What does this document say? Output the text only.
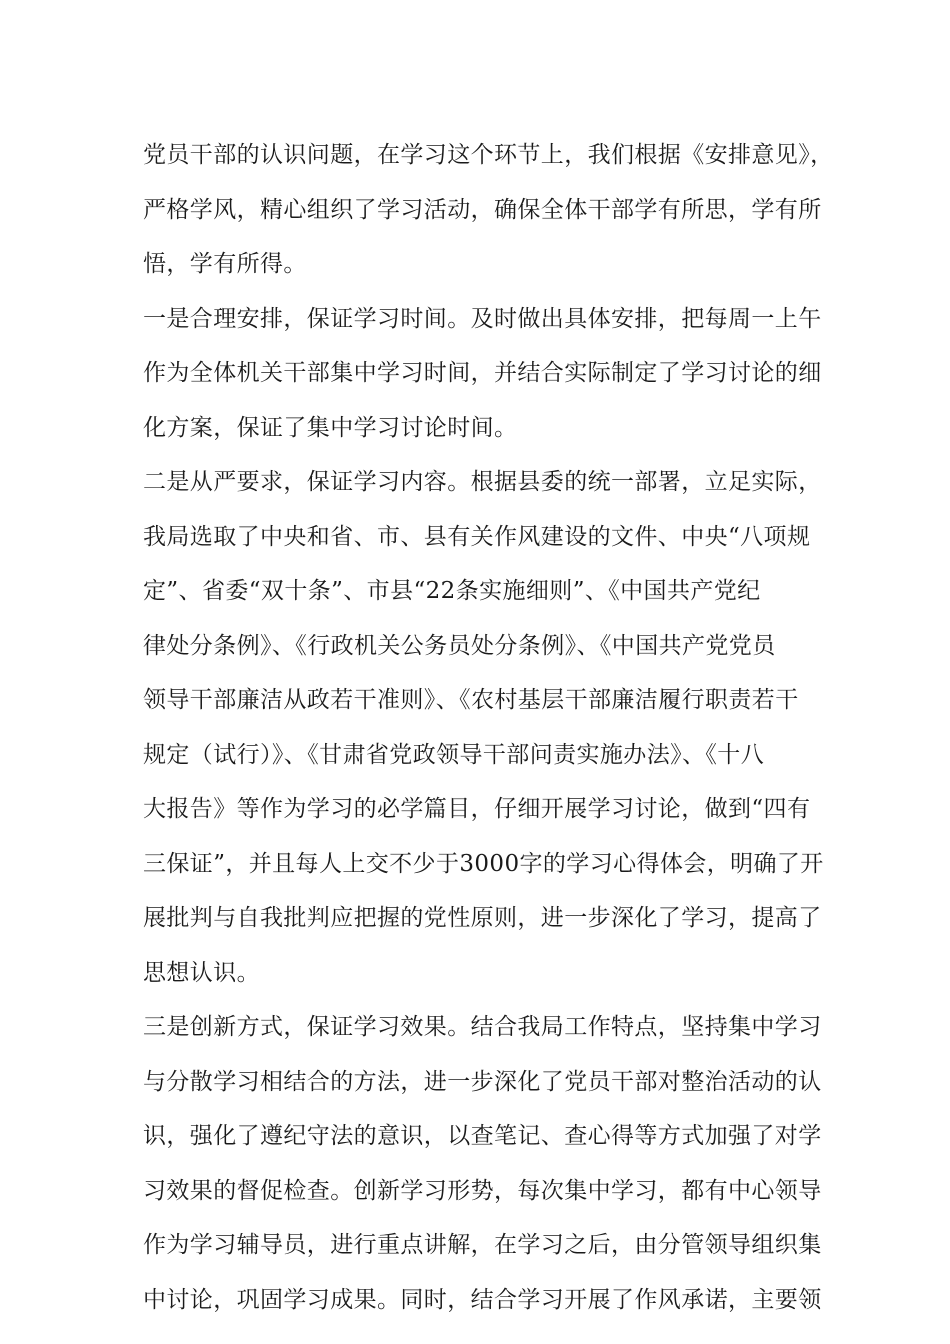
党员干部的认识问题，在学习这个环节上，我们根据《安排意见》，
严格学风，精心组织了学习活动，确保全体干部学有所思，学有所
悟，学有所得。
一是合理安排，保证学习时间。及时做出具体安排，把每周一上午
作为全体机关干部集中学习时间，并结合实际制定了学习讨论的细
化方案，保证了集中学习讨论时间。
二是从严要求，保证学习内容。根据县委的统一部署，立足实际，
我局选取了中央和省、市、县有关作风建设的文件、中央“八项规
定”、省委“双十条”、市县“22条实施细则”、《中国共产党纪
律处分条例》、《行政机关公务员处分条例》、《中国共产党党员
领导干部廉洁从政若干准则》、《农村基层干部廉洁履行职责若干
规定（试行）》、《甘肃省党政领导干部问责实施办法》、《十八
大报告》等作为学习的必学篇目，仔细开展学习讨论，做到“四有
三保证”，并且每人上交不少于3000字的学习心得体会，明确了开
展批判与自我批判应把握的党性原则，进一步深化了学习，提高了
思想认识。
三是创新方式，保证学习效果。结合我局工作特点，坚持集中学习
与分散学习相结合的方法，进一步深化了党员干部对整治活动的认
识，强化了遵纪守法的意识，以查笔记、查心得等方式加强了对学
习效果的督促检查。创新学习形势，每次集中学习，都有中心领导
作为学习辅导员，进行重点讲解，在学习之后，由分管领导组织集
中讨论，巩固学习成果。同时，结合学习开展了作风承诺，主要领
